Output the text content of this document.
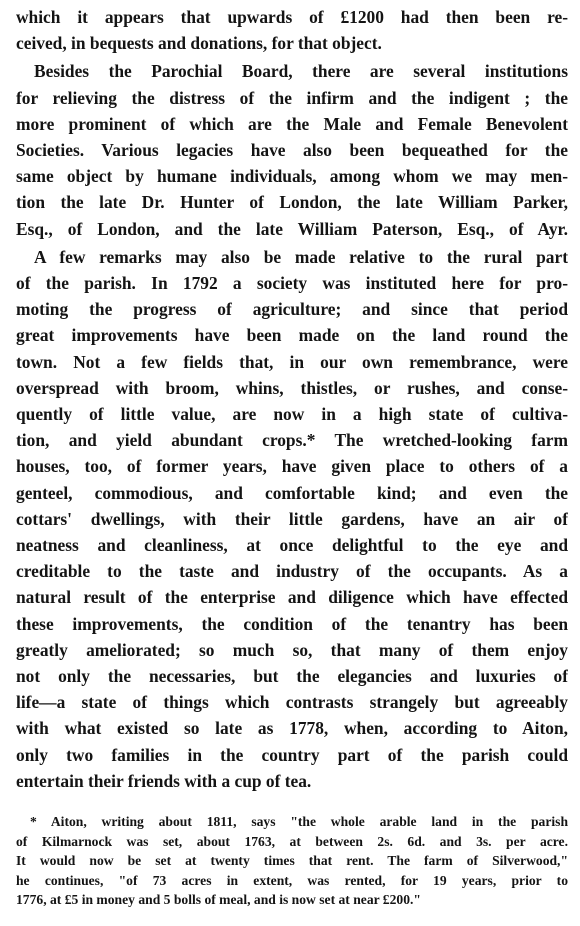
which it appears that upwards of £1200 had then been re-
ceived, in bequests and donations, for that object.

Besides the Parochial Board, there are several institutions
for relieving the distress of the infirm and the indigent ; the
more prominent of which are the Male and Female Benevolent
Societies. Various legacies have also been bequeathed for the
same object by humane individuals, among whom we may men-
tion the late Dr. Hunter of London, the late William Parker,
Esq., of London, and the late William Paterson, Esq., of Ayr.

A few remarks may also be made relative to the rural part
of the parish. In 1792 a society was instituted here for pro-
moting the progress of agriculture; and since that period
great improvements have been made on the land round the
town. Not a few fields that, in our own remembrance, were
overspread with broom, whins, thistles, or rushes, and conse-
quently of little value, are now in a high state of cultiva-
tion, and yield abundant crops.* The wretched-looking farm
houses, too, of former years, have given place to others of a
genteel, commodious, and comfortable kind; and even the
cottars' dwellings, with their little gardens, have an air of
neatness and cleanliness, at once delightful to the eye and
creditable to the taste and industry of the occupants. As a
natural result of the enterprise and diligence which have effected
these improvements, the condition of the tenantry has been
greatly ameliorated; so much so, that many of them enjoy
not only the necessaries, but the elegancies and luxuries of
life—a state of things which contrasts strangely but agreeably
with what existed so late as 1778, when, according to Aiton,
only two families in the country part of the parish could
entertain their friends with a cup of tea.

* Aiton, writing about 1811, says "the whole arable land in the parish
of Kilmarnock was set, about 1763, at between 2s. 6d. and 3s. per acre.
It would now be set at twenty times that rent. The farm of Silverwood,"
he continues, "of 73 acres in extent, was rented, for 19 years, prior to
1776, at £5 in money and 5 bolls of meal, and is now set at near £200."
